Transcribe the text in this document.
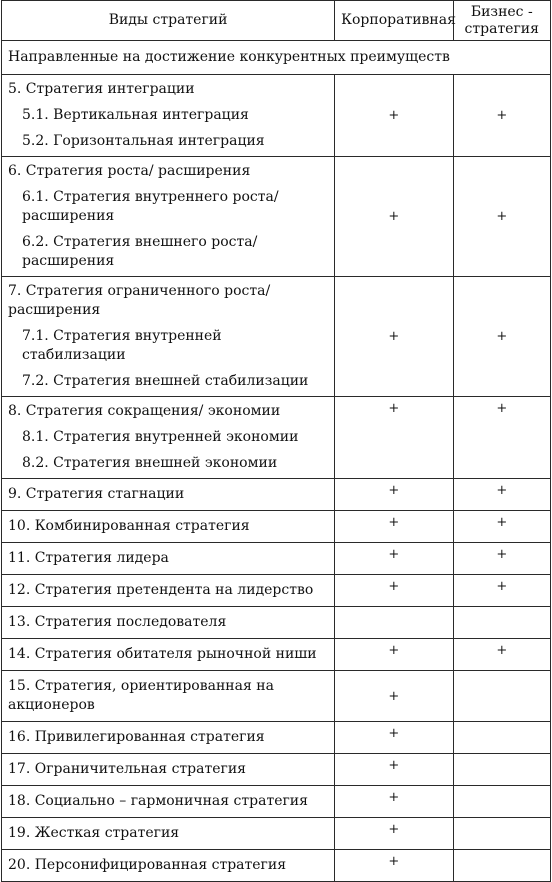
Виды стратегий	Корпоративная	Бизнес - стратегия
Направленные на достижение конкурентных преимуществ		

5. Стратегия интеграции
5.1. Вертикальная интеграция
5.2. Горизонтальная интеграция	+	+

6. Стратегия роста/ расширения
6.1. Стратегия внутреннего роста/ расширения
6.2. Стратегия внешнего роста/ расширения	+	+

7. Стратегия ограниченного роста/ расширения
7.1. Стратегия внутренней стабилизации
7.2. Стратегия внешней стабилизации	+	+

8. Стратегия сокращения/ экономии
8.1. Стратегия внутренней экономии
8.2. Стратегия внешней экономии	+	+
9. Стратегия стагнации	+	+
10. Комбинированная стратегия	+	+
11. Стратегия лидера	+	+
12. Стратегия претендента на лидерство	+	+
13. Стратегия последователя		
14. Стратегия обитателя рыночной ниши	+	+
15. Стратегия, ориентированная на акционеров	+	
16. Привилегированная стратегия	+	
17. Ограничительная стратегия	+	
18. Социально – гармоничная стратегия	+	
19. Жесткая стратегия	+	
20. Персонифицированная стратегия	+	
